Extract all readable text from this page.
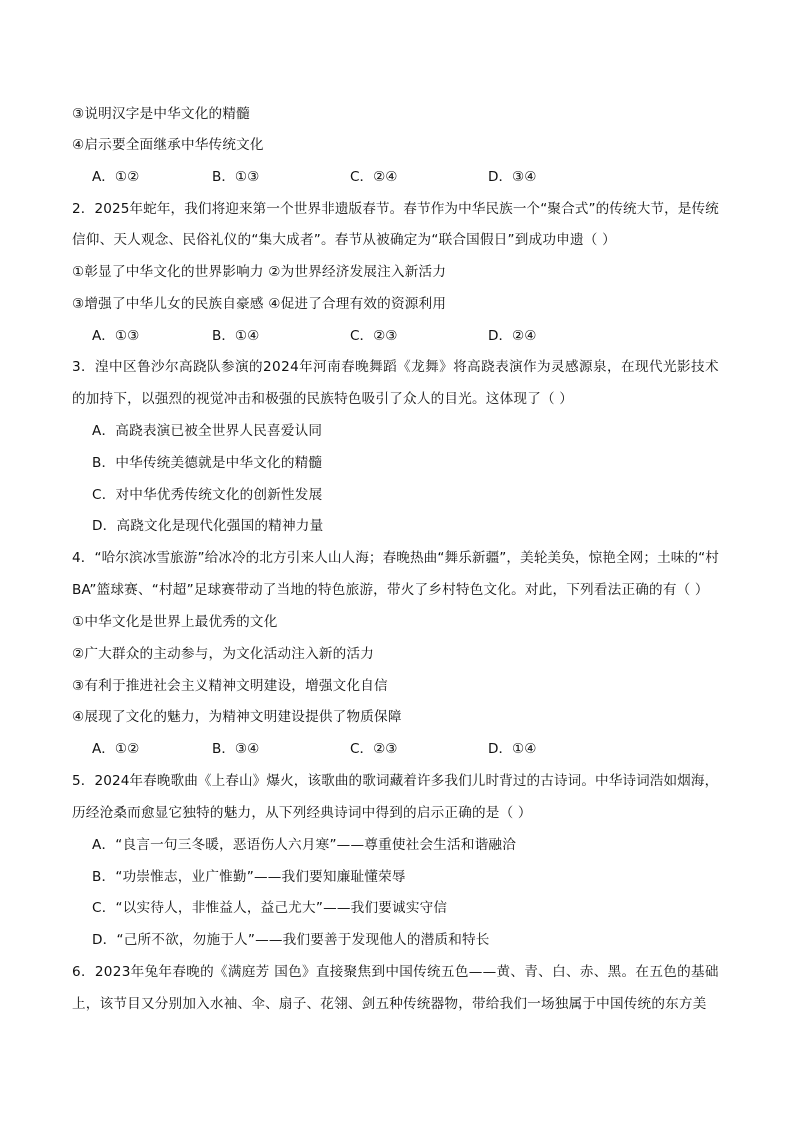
③说明汉字是中华文化的精髓
④启示要全面继承中华传统文化
A．①②	B．①③	C．②④	D．③④
2．2025年蛇年，我们将迎来第一个世界非遗版春节。春节作为中华民族一个“聚合式”的传统大节，是传统
信仰、天人观念、民俗礼仪的“集大成者”。春节从被确定为“联合国假日”到成功申遗（ ）
①彰显了中华文化的世界影响力 ②为世界经济发展注入新活力
③增强了中华儿女的民族自豪感 ④促进了合理有效的资源利用
A．①③	B．①④	C．②③	D．②④
3．湟中区鲁沙尔高跷队参演的2024年河南春晚舞蹈《龙舞》将高跷表演作为灵感源泉，在现代光影技术
的加持下，以强烈的视觉冲击和极强的民族特色吸引了众人的目光。这体现了（ ）
A．高跷表演已被全世界人民喜爱认同
B．中华传统美德就是中华文化的精髓
C．对中华优秀传统文化的创新性发展
D．高跷文化是现代化强国的精神力量
4．“哈尔滨冰雪旅游”给冰冷的北方引来人山人海；春晚热曲“舞乐新疆”，美轮美奂，惊艳全网；土味的“村
BA”篮球赛、“村超”足球赛带动了当地的特色旅游，带火了乡村特色文化。对此，下列看法正确的有（ ）
①中华文化是世界上最优秀的文化
②广大群众的主动参与，为文化活动注入新的活力
③有利于推进社会主义精神文明建设，增强文化自信
④展现了文化的魅力，为精神文明建设提供了物质保障
A．①②	B．③④	C．②③	D．①④
5．2024年春晚歌曲《上春山》爆火，该歌曲的歌词藏着许多我们儿时背过的古诗词。中华诗词浩如烟海，
历经沧桑而愈显它独特的魅力，从下列经典诗词中得到的启示正确的是（ ）
A．“良言一句三冬暖，恶语伤人六月寒”——尊重使社会生活和谐融洽
B．“功崇惟志，业广惟勤”——我们要知廉耻懂荣辱
C．“以实待人，非惟益人，益己尤大”——我们要诚实守信
D．“己所不欲，勿施于人”——我们要善于发现他人的潜质和特长
6．2023年兔年春晚的《满庭芳 国色》直接聚焦到中国传统五色——黄、青、白、赤、黑。在五色的基础
上，该节目又分别加入水袖、伞、扇子、花翎、剑五种传统器物，带给我们一场独属于中国传统的东方美
